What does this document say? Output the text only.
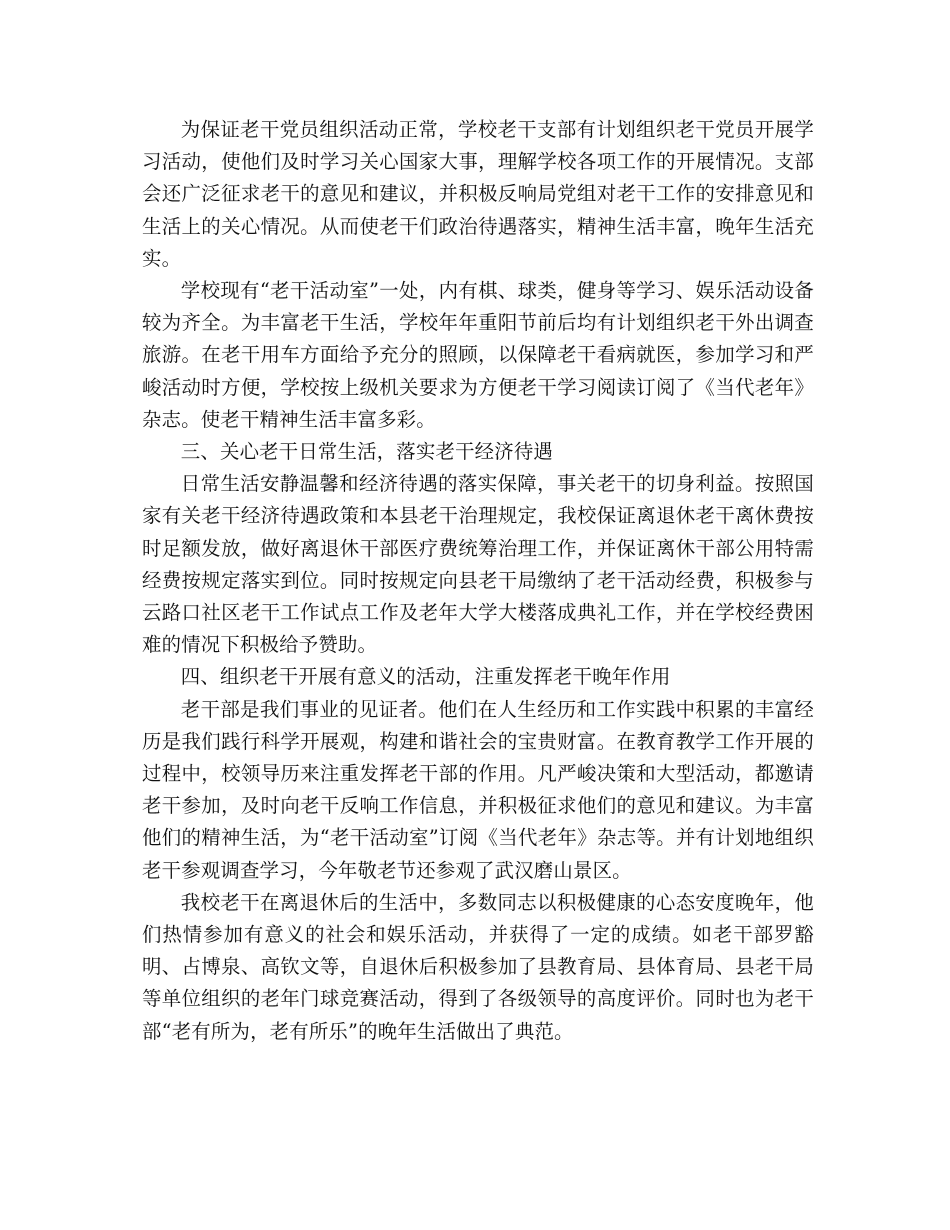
为保证老干党员组织活动正常，学校老干支部有计划组织老干党员开展学习活动，使他们及时学习关心国家大事，理解学校各项工作的开展情况。支部会还广泛征求老干的意见和建议，并积极反响局党组对老干工作的安排意见和生活上的关心情况。从而使老干们政治待遇落实，精神生活丰富，晚年生活充实。

学校现有“老干活动室”一处，内有棋、球类，健身等学习、娱乐活动设备较为齐全。为丰富老干生活，学校年年重阳节前后均有计划组织老干外出调查旅游。在老干用车方面给予充分的照顾，以保障老干看病就医，参加学习和严峻活动时方便，学校按上级机关要求为方便老干学习阅读订阅了《当代老年》杂志。使老干精神生活丰富多彩。

三、关心老干日常生活，落实老干经济待遇

日常生活安静温馨和经济待遇的落实保障，事关老干的切身利益。按照国家有关老干经济待遇政策和本县老干治理规定，我校保证离退休老干离休费按时足额发放，做好离退休干部医疗费统筹治理工作，并保证离休干部公用特需经费按规定落实到位。同时按规定向县老干局缴纳了老干活动经费，积极参与云路口社区老干工作试点工作及老年大学大楼落成典礼工作，并在学校经费困难的情况下积极给予赞助。

四、组织老干开展有意义的活动，注重发挥老干晚年作用

老干部是我们事业的见证者。他们在人生经历和工作实践中积累的丰富经历是我们践行科学开展观，构建和谐社会的宝贵财富。在教育教学工作开展的过程中，校领导历来注重发挥老干部的作用。凡严峻决策和大型活动，都邀请老干参加，及时向老干反响工作信息，并积极征求他们的意见和建议。为丰富他们的精神生活，为“老干活动室”订阅《当代老年》杂志等。并有计划地组织老干参观调查学习，今年敬老节还参观了武汉磨山景区。

我校老干在离退休后的生活中，多数同志以积极健康的心态安度晚年，他们热情参加有意义的社会和娱乐活动，并获得了一定的成绩。如老干部罗豁明、占博泉、高钦文等，自退休后积极参加了县教育局、县体育局、县老干局等单位组织的老年门球竞赛活动，得到了各级领导的高度评价。同时也为老干部“老有所为，老有所乐”的晚年生活做出了典范。
